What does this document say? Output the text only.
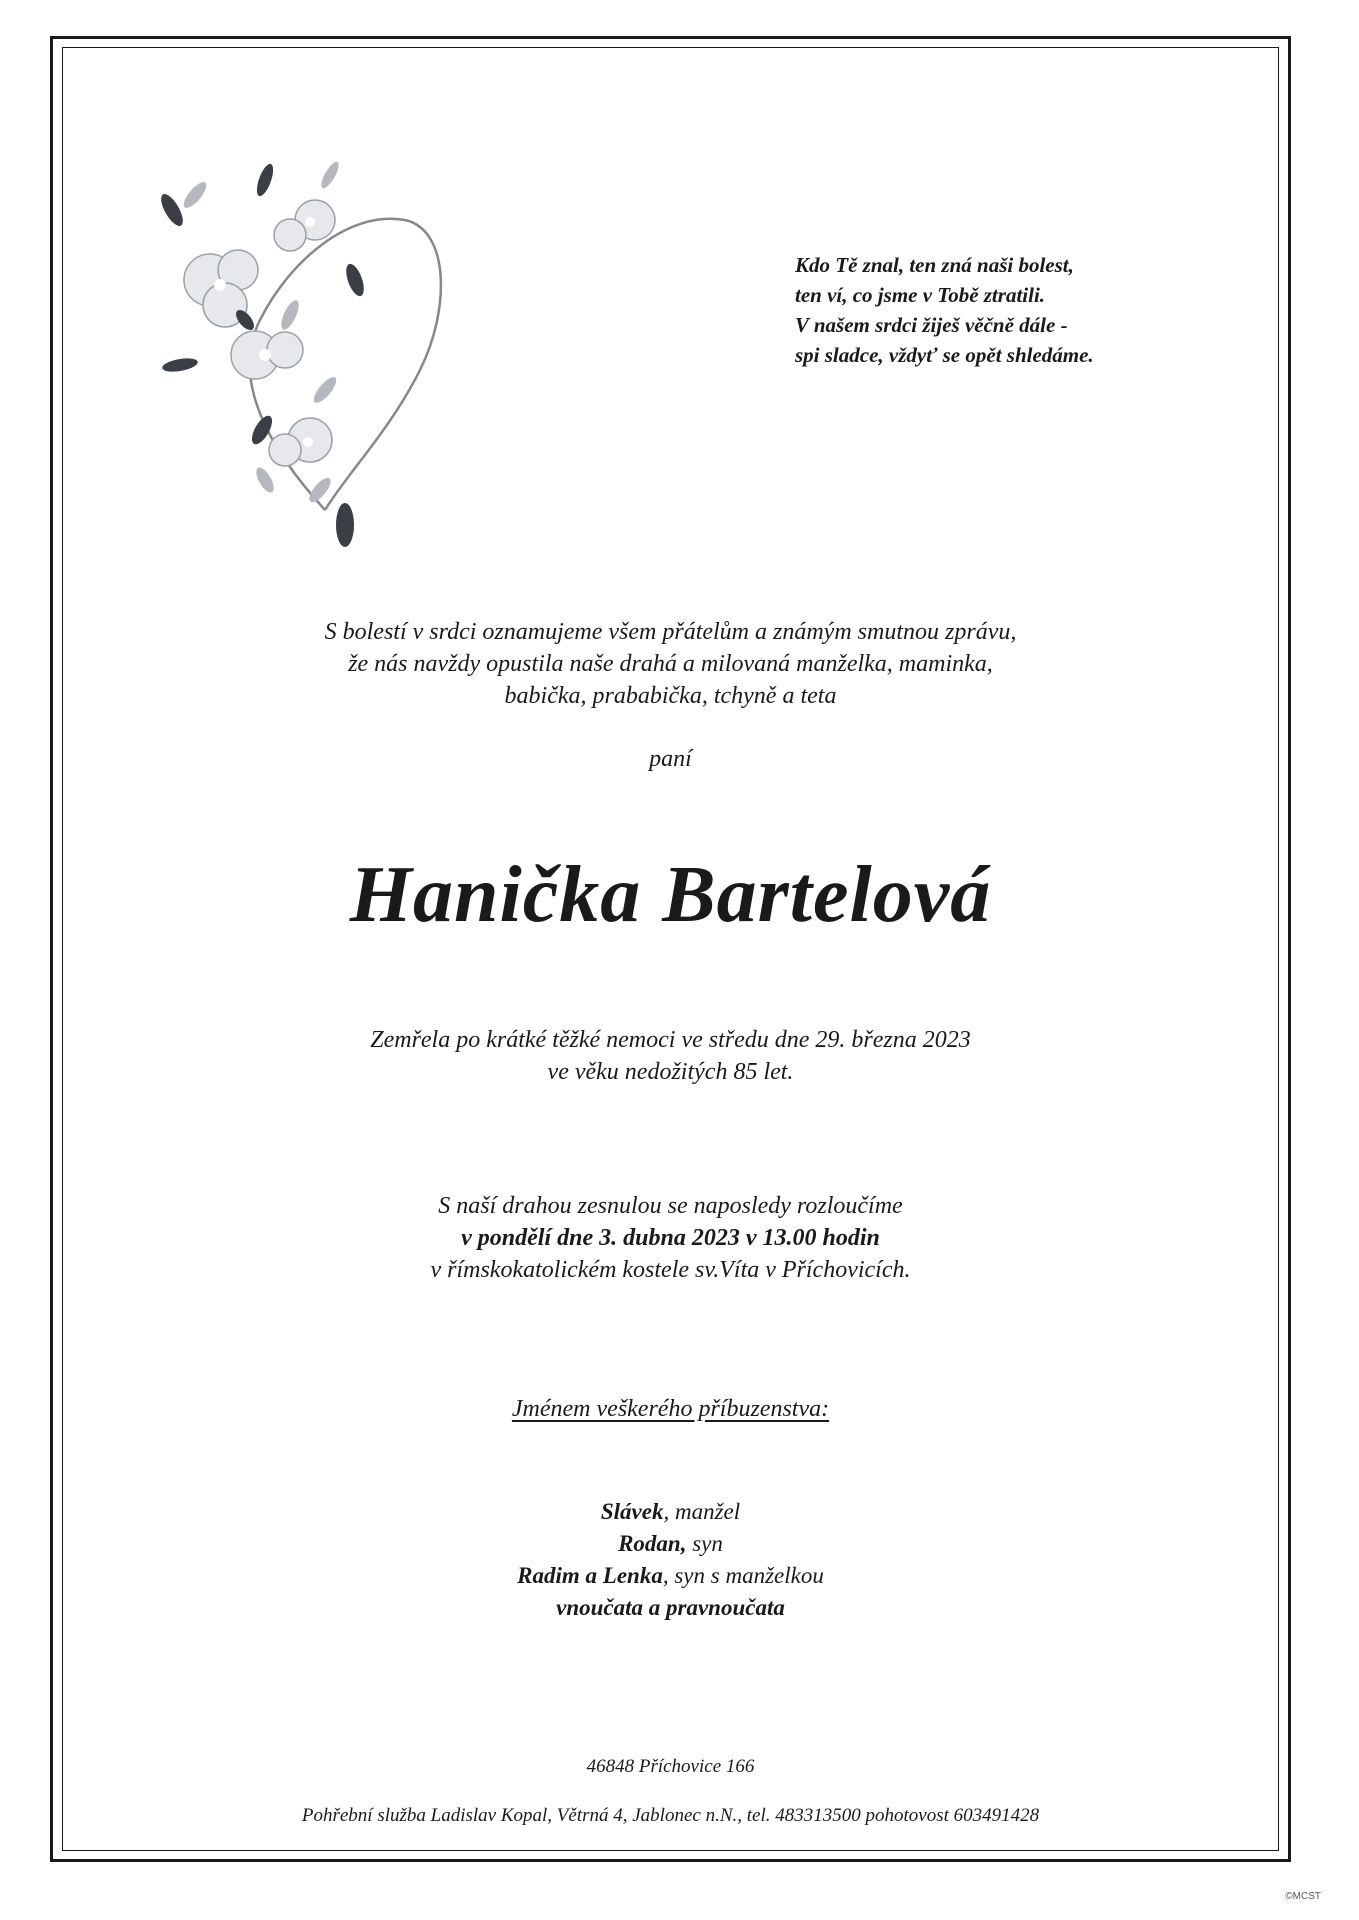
Kdo Tě znal, ten zná naši bolest,
ten ví, co jsme v Tobě ztratili.
V našem srdci žiješ věčně dále -
spi sladce, vždyť se opět shledáme.
S bolestí v srdci oznamujeme všem přátelům a známým smutnou zprávu,
že nás navždy opustila naše drahá a milovaná manželka, maminka,
babička, prababička, tchyně a teta
paní
Hanička Bartelová
Zemřela po krátké těžké nemoci ve středu dne 29. března 2023
ve věku nedožitých 85 let.
S naší drahou zesnulou se naposledy rozloučíme
v pondělí dne 3. dubna 2023 v 13.00 hodin
v římskokatolickém kostele sv.Víta v Příchovicích.
Jménem veškerého příbuzenstva:
Slávek, manžel
Rodan, syn
Radim a Lenka, syn s manželkou
vnoučata a pravnoučata
46848 Příchovice 166
Pohřební služba Ladislav Kopal, Větrná 4, Jablonec n.N., tel. 483313500 pohotovost 603491428
©MCST
